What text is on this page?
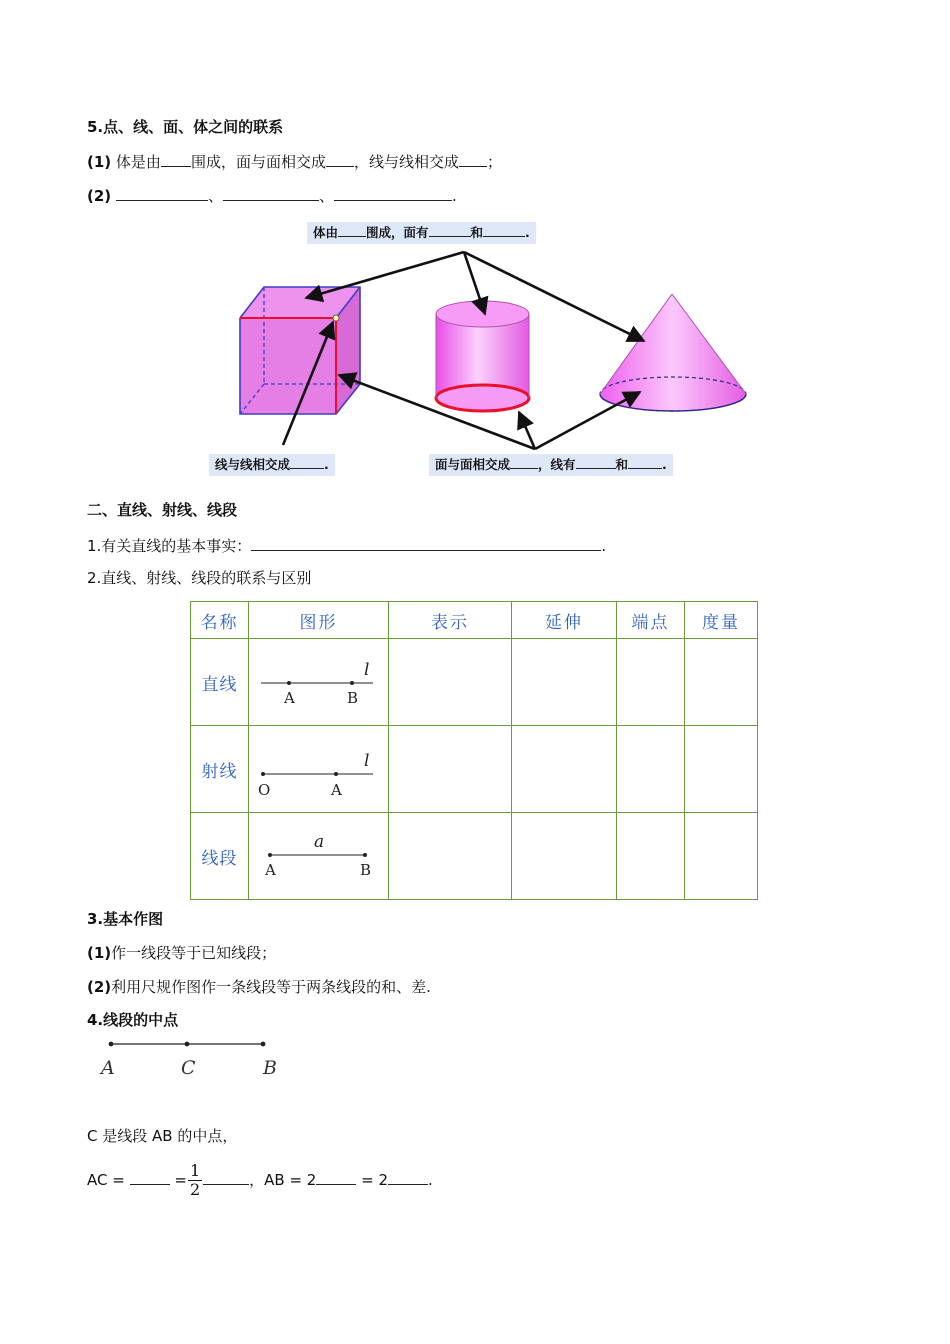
5.点、线、面、体之间的联系
(1) 体是由 围成，面与面相交成 ，线与线相交成 ；
(2)	、	、	.
体由 围成，面有	和	.
线与线相交成	.	面与面相交成 ，线有	和	.
二、直线、射线、线段
1.有关直线的基本事实：	.
2.直线、射线、线段的联系与区别
名称	图形	表示	延伸	端点	度量
直线	A B
l				

射线	O A
l				

线段	A B
a				

3.基本作图
(1)作一线段等于已知线段；
(2)利用尺规作图作一条线段等于两条线段的和、差.
4.线段的中点
A	C	B
C 是线段 AB 的中点，
AC =	= $\frac{1}{2}$	，AB = 2	= 2	.
